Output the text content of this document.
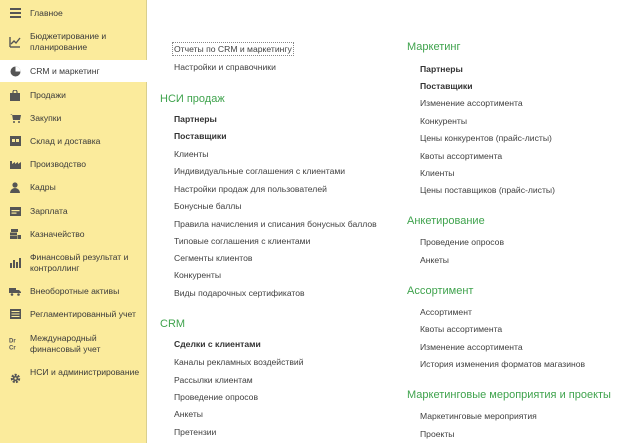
Главное
Бюджетирование и планирование
CRM и маркетинг
Продажи
Закупки
Склад и доставка
Производство
Кадры
Зарплата
Казначейство
Финансовый результат и контроллинг
Внеоборотные активы
Регламентированный учет
Dr
Cr
Международный финансовый учет
НСИ и администрирование
Отчеты по CRM и маркетингу
Настройки и справочники
НСИ продаж
Партнеры
Поставщики
Клиенты
Индивидуальные соглашения с клиентами
Настройки продаж для пользователей
Бонусные баллы
Правила начисления и списания бонусных баллов
Типовые соглашения с клиентами
Сегменты клиентов
Конкуренты
Виды подарочных сертификатов
CRM
Сделки с клиентами
Каналы рекламных воздействий
Рассылки клиентам
Проведение опросов
Анкеты
Претензии
Маркетинг
Партнеры
Поставщики
Изменение ассортимента
Конкуренты
Цены конкурентов (прайс-листы)
Квоты ассортимента
Клиенты
Цены поставщиков (прайс-листы)
Анкетирование
Проведение опросов
Анкеты
Ассортимент
Ассортимент
Квоты ассортимента
Изменение ассортимента
История изменения форматов магазинов
Маркетинговые мероприятия и проекты
Маркетинговые мероприятия
Проекты
